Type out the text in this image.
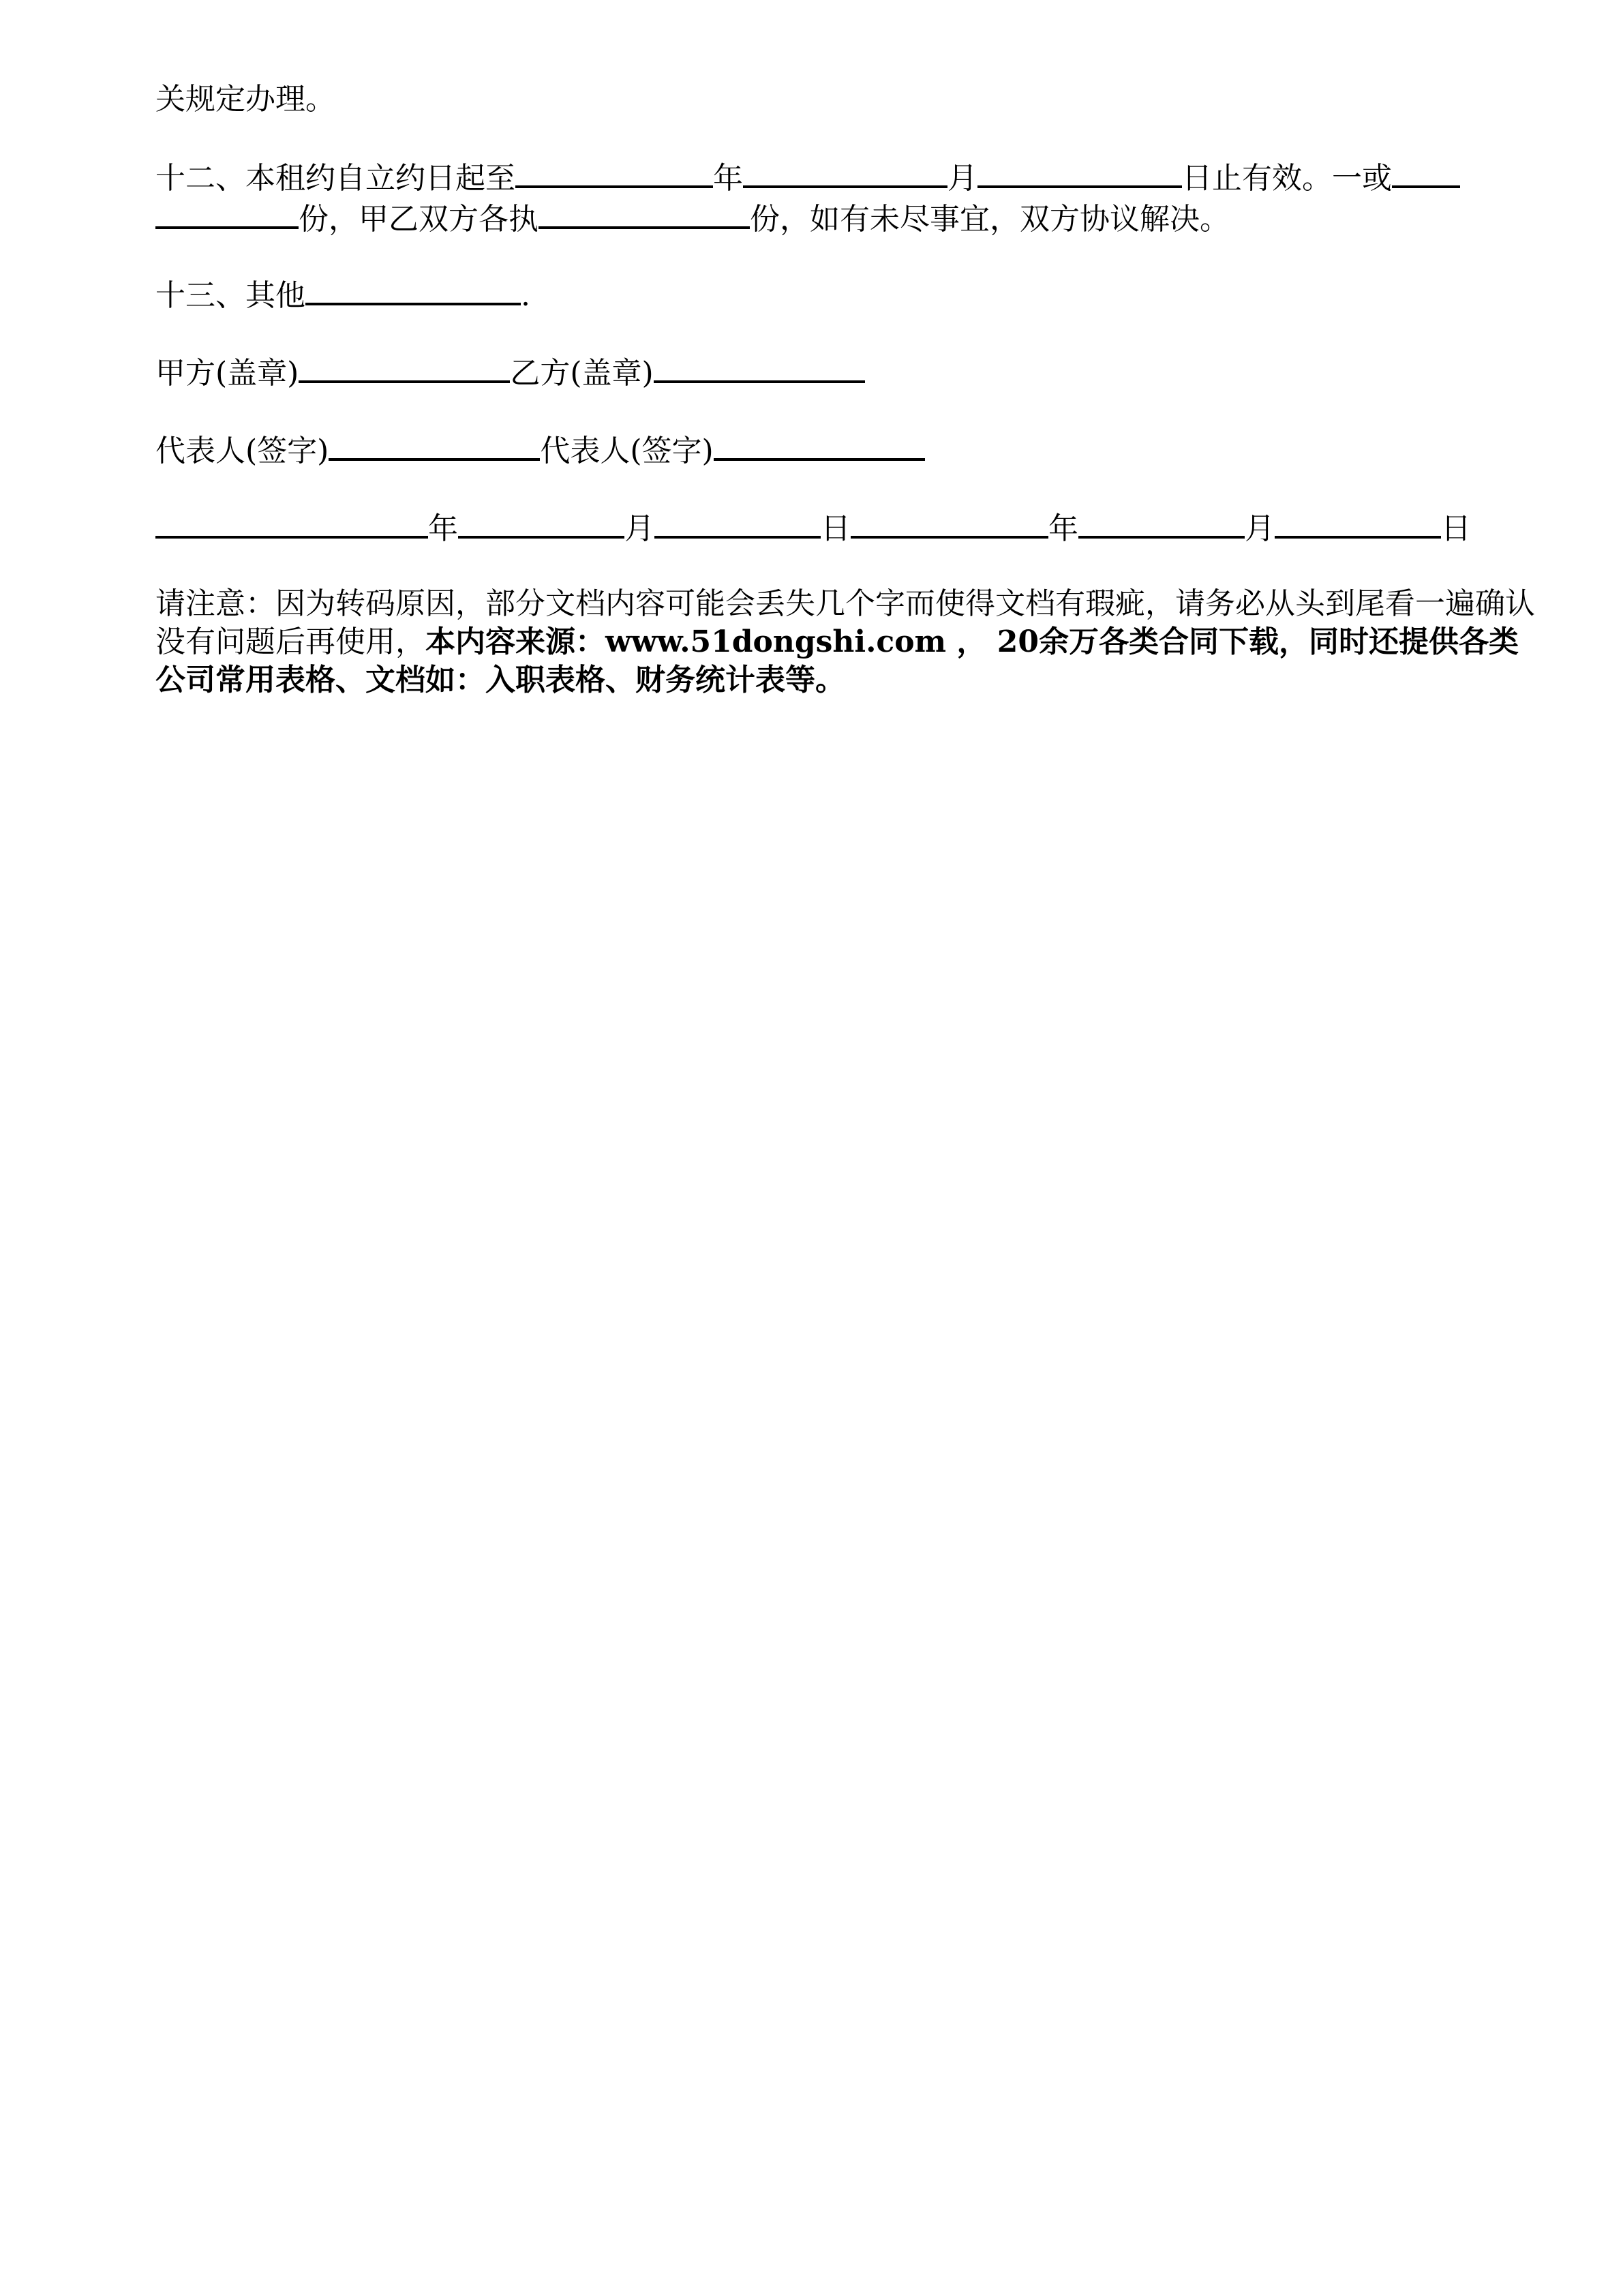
关规定办理。
十二、本租约自立约日起至	年	月	日止有效。一或
份，甲乙双方各执	份，如有未尽事宜，双方协议解决。
十三、其他	.
甲方(盖章)	乙方(盖章)
代表人(签字)	代表人(签字)
年	月	日	年	月	日
请注意：因为转码原因，部分文档内容可能会丢失几个字而使得文档有瑕疵，请务必从头到尾看一遍确认没有问题后再使用，本内容来源：www.51dongshi.com ， 20余万各类合同下载，同时还提供各类公司常用表格、文档如：入职表格、财务统计表等。
